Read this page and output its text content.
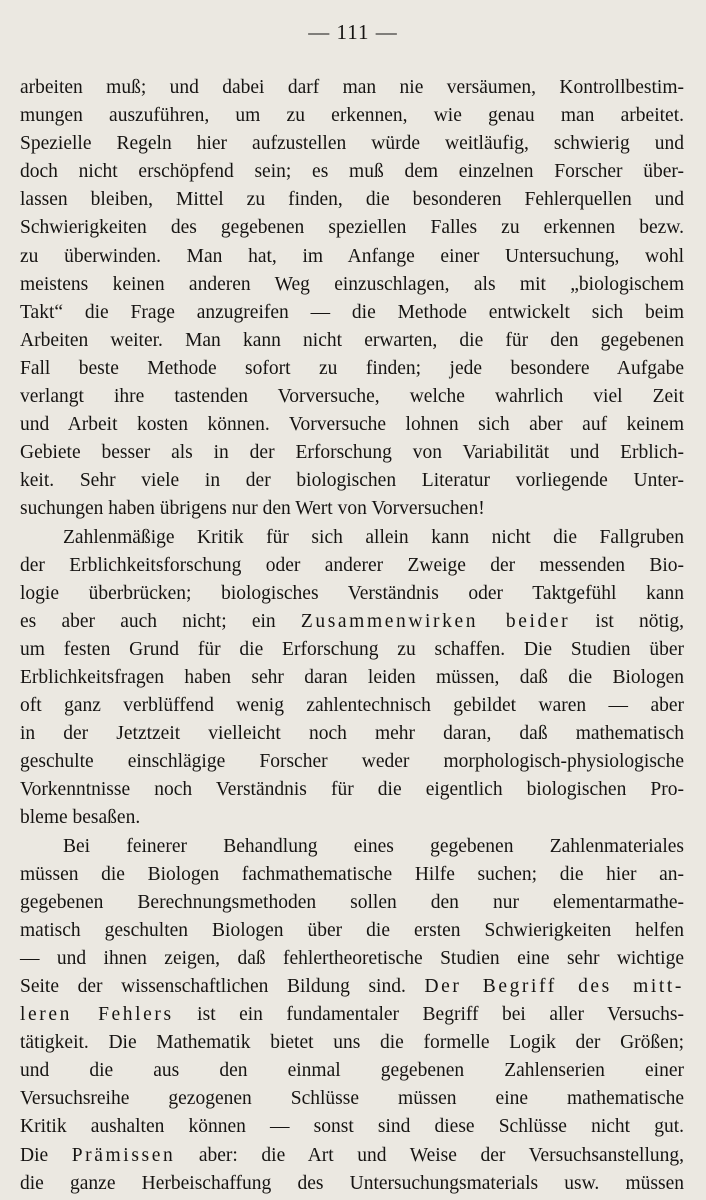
— 111 —
arbeiten muß; und dabei darf man nie versäumen, Kontrollbestim-
mungen auszuführen, um zu erkennen, wie genau man arbeitet.
Spezielle Regeln hier aufzustellen würde weitläufig, schwierig und
doch nicht erschöpfend sein; es muß dem einzelnen Forscher über-
lassen bleiben, Mittel zu finden, die besonderen Fehlerquellen und
Schwierigkeiten des gegebenen speziellen Falles zu erkennen bezw.
zu überwinden. Man hat, im Anfange einer Untersuchung, wohl
meistens keinen anderen Weg einzuschlagen, als mit „biologischem
Takt“ die Frage anzugreifen — die Methode entwickelt sich beim
Arbeiten weiter. Man kann nicht erwarten, die für den gegebenen
Fall beste Methode sofort zu finden; jede besondere Aufgabe
verlangt ihre tastenden Vorversuche, welche wahrlich viel Zeit
und Arbeit kosten können. Vorversuche lohnen sich aber auf keinem
Gebiete besser als in der Erforschung von Variabilität und Erblich-
keit. Sehr viele in der biologischen Literatur vorliegende Unter-
suchungen haben übrigens nur den Wert von Vorversuchen!
Zahlenmäßige Kritik für sich allein kann nicht die Fallgruben
der Erblichkeitsforschung oder anderer Zweige der messenden Bio-
logie überbrücken; biologisches Verständnis oder Taktgefühl kann
es aber auch nicht; ein Zusammenwirken beider ist nötig,
um festen Grund für die Erforschung zu schaffen. Die Studien über
Erblichkeitsfragen haben sehr daran leiden müssen, daß die Biologen
oft ganz verblüffend wenig zahlentechnisch gebildet waren — aber
in der Jetztzeit vielleicht noch mehr daran, daß mathematisch
geschulte einschlägige Forscher weder morphologisch-physiologische
Vorkenntnisse noch Verständnis für die eigentlich biologischen Pro-
bleme besaßen.
Bei feinerer Behandlung eines gegebenen Zahlenmateriales
müssen die Biologen fachmathematische Hilfe suchen; die hier an-
gegebenen Berechnungsmethoden sollen den nur elementarmathe-
matisch geschulten Biologen über die ersten Schwierigkeiten helfen
— und ihnen zeigen, daß fehlertheoretische Studien eine sehr wichtige
Seite der wissenschaftlichen Bildung sind. Der Begriff des mitt-
leren Fehlers ist ein fundamentaler Begriff bei aller Versuchs-
tätigkeit. Die Mathematik bietet uns die formelle Logik der Größen;
und die aus den einmal gegebenen Zahlenserien einer
Versuchsreihe gezogenen Schlüsse müssen eine mathematische
Kritik aushalten können — sonst sind diese Schlüsse nicht gut.
Die Prämissen aber: die Art und Weise der Versuchsanstellung,
die ganze Herbeischaffung des Untersuchungsmaterials usw. müssen
